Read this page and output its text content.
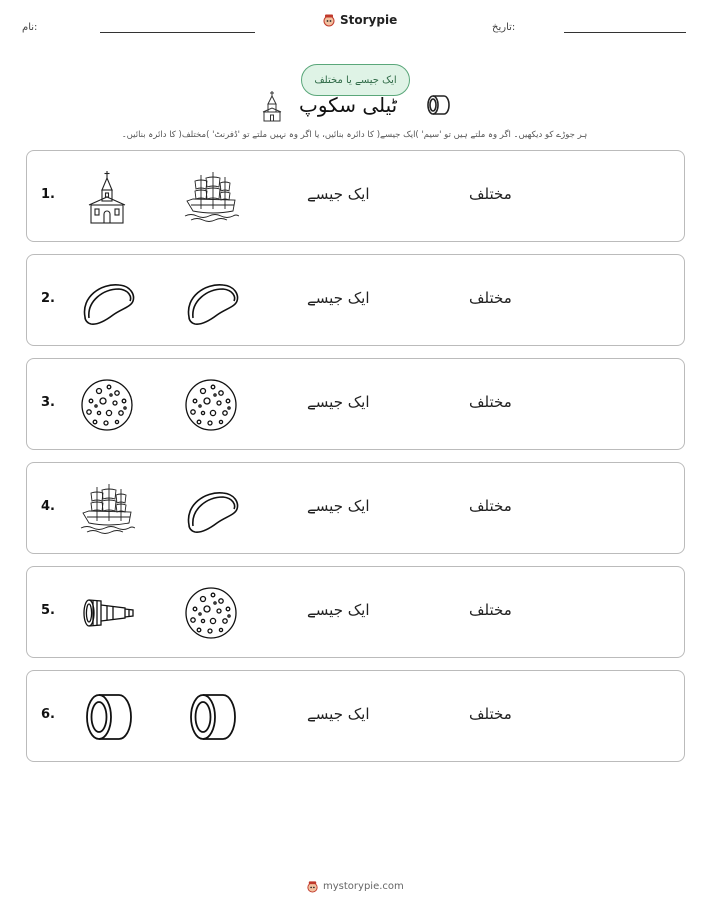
نام:
Storypie
تاریخ:
ایک جیسے یا مختلف
ٹیلی سکوپ
ہر جوڑے کو دیکھیں۔ اگر وہ ملتے ہیں تو 'سیم' )ایک جیسے( کا دائرہ بنائیں، یا اگر وہ نہیں ملتے تو 'ڈفرنٹ' )مختلف( کا دائرہ بنائیں۔
1.	ایک جیسے	مختلف
2.	ایک جیسے	مختلف
3.	ایک جیسے	مختلف
4.	ایک جیسے	مختلف
5.	ایک جیسے	مختلف
6.	ایک جیسے	مختلف
mystorypie.com
